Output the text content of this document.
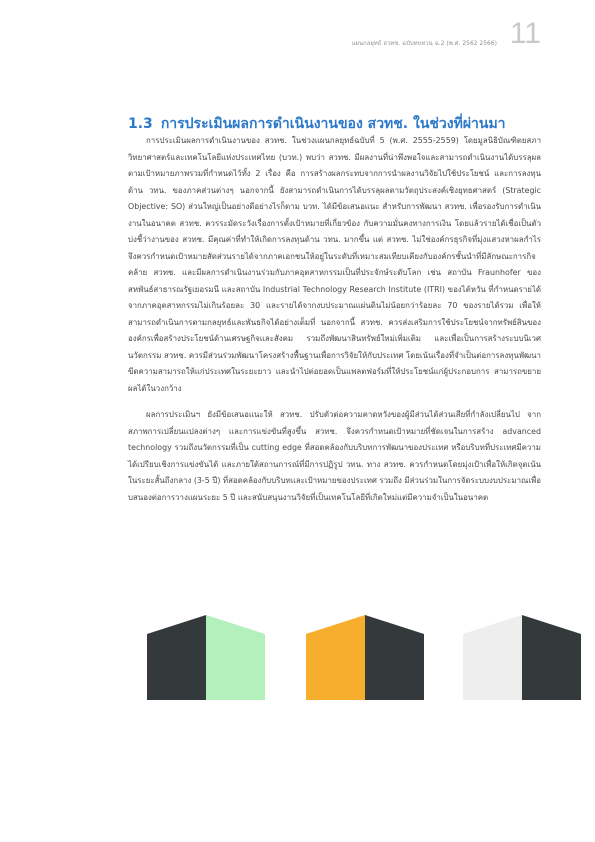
แผนกลยุทธ์ สวทช. ฉบับทบทวน ฉ.2 (พ.ศ. 2562 2566) 11
1.3 การประเมินผลการดำเนินงานของ สวทช. ในช่วงที่ผ่านมา

การประเมินผลการดำเนินงานของ สวทช. ในช่วงแผนกลยุทธ์ฉบับที่ 5 (พ.ศ. 2555-2559) โดยมูลนิธิบัณฑิตยสภาวิทยาศาสตร์และเทคโนโลยีแห่งประเทศไทย (บวท.) พบว่า สวทช. มีผลงานที่น่าพึงพอใจและสามารถดำเนินงานได้บรรลุผลตามเป้าหมายภาพรวมที่กำหนดไว้ทั้ง 2 เรื่อง คือ การสร้างผลกระทบจากการนำผลงานวิจัยไปใช้ประโยชน์ และการลงทุนด้าน วทน. ของภาคส่วนต่างๆ นอกจากนี้ ยังสามารถดำเนินการได้บรรลุผลตามวัตถุประสงค์เชิงยุทธศาสตร์ (Strategic Objective: SO) ส่วนใหญ่เป็นอย่างดีอย่างไรก็ตาม บวท. ได้มีข้อเสนอแนะ สำหรับการพัฒนา สวทช. เพื่อรองรับการดำเนินงานในอนาคต สวทช. ควรระมัดระวังเรื่องการตั้งเป้าหมายที่เกี่ยวข้อง กับความมั่นคงทางการเงิน โดยแล้วรายได้เชื่อเป็นตัวบ่งชี้ว่างานของ สวทช. มีคุณค่าที่ทำให้เกิดการลงทุนด้าน วทน. มากขึ้น แต่ สวทช. ไม่ใช่องค์กรธุรกิจที่มุ่งแสวงหาผลกำไร จึงควรกำหนดเป้าหมายสัดส่วนรายได้จากภาคเอกชนให้อยู่ในระดับที่เหมาะสมเทียบเคียงกับองค์กรชั้นนำที่มีลักษณะการกิจคล้าย สวทช. และมีผลการดำเนินงานร่วมกับภาคอุตสาหกรรมเป็นที่ประจักษ์ระดับโลก เช่น สถาบัน Fraunhofer ของสหพันธ์สาธารณรัฐเยอรมนี และสถาบัน Industrial Technology Research Institute (ITRI) ของไต้หวัน ที่กำหนดรายได้จากภาคอุตสาหกรรมไม่เกินร้อยละ 30 และรายได้จากงบประมาณแผ่นดินไม่น้อยกว่าร้อยละ 70 ของรายได้รวม เพื่อให้สามารถดำเนินการตามกลยุทธ์และพันธกิจได้อย่างเต็มที่ นอกจากนี้ สวทช. ควรส่งเสริมการใช้ประโยชน์จากทรัพย์สินของ องค์กรเพื่อสร้างประโยชน์ด้านเศรษฐกิจและสังคม รวมถึงพัฒนาสินทรัพย์ใหม่เพิ่มเติม และเพื่อเป็นการสร้างระบบนิเวศนวัตกรรม สวทช. ควรมีส่วนร่วมพัฒนาโครงสร้างพื้นฐานเพื่อการวิจัยให้กับประเทศ โดยเน้นเรื่องที่จำเป็นต่อการลงทุนพัฒนาขีดความสามารถให้แก่ประเทศในระยะยาว และนำไปต่อยอดเป็นแพลตฟอร์มที่ให้ประโยชน์แก่ผู้ประกอบการ สามารถขยายผลได้ในวงกว้าง

ผลการประเมินฯ ยังมีข้อเสนอแนะให้ สวทช. ปรับตัวต่อความคาดหวังของผู้มีส่วนได้ส่วนเสียที่กำลังเปลี่ยนไป จากสภาพการเปลี่ยนแปลงต่างๆ และการแข่งขันที่สูงขึ้น สวทช. จึงควรกำหนดเป้าหมายที่ชัดเจนในการสร้าง advanced technology รวมถึงนวัตกรรมที่เป็น cutting edge ที่สอดคล้องกับบริบทการพัฒนาของประเทศ หรือบริบทที่ประเทศมีความได้เปรียบเชิงการแข่งขันได้ และภายใต้สถานการณ์ที่มีการปฏิรูป วทน. ทาง สวทช. ควรกำหนดโดยมุ่งเป้าเพื่อให้เกิดจุดเน้นในระยะสั้นถึงกลาง (3-5 ปี) ที่สอดคล้องกับบริบทและเป้าหมายของประเทศ รวมถึง มีส่วนร่วมในการจัดระบบงบประมาณเพื่อบสนองต่อการวางแผนระยะ 5 ปี และสนับสนุนงานวิจัยที่เป็นเทคโนโลยีที่เกิดใหม่แต่มีความจำเป็นในอนาคต
